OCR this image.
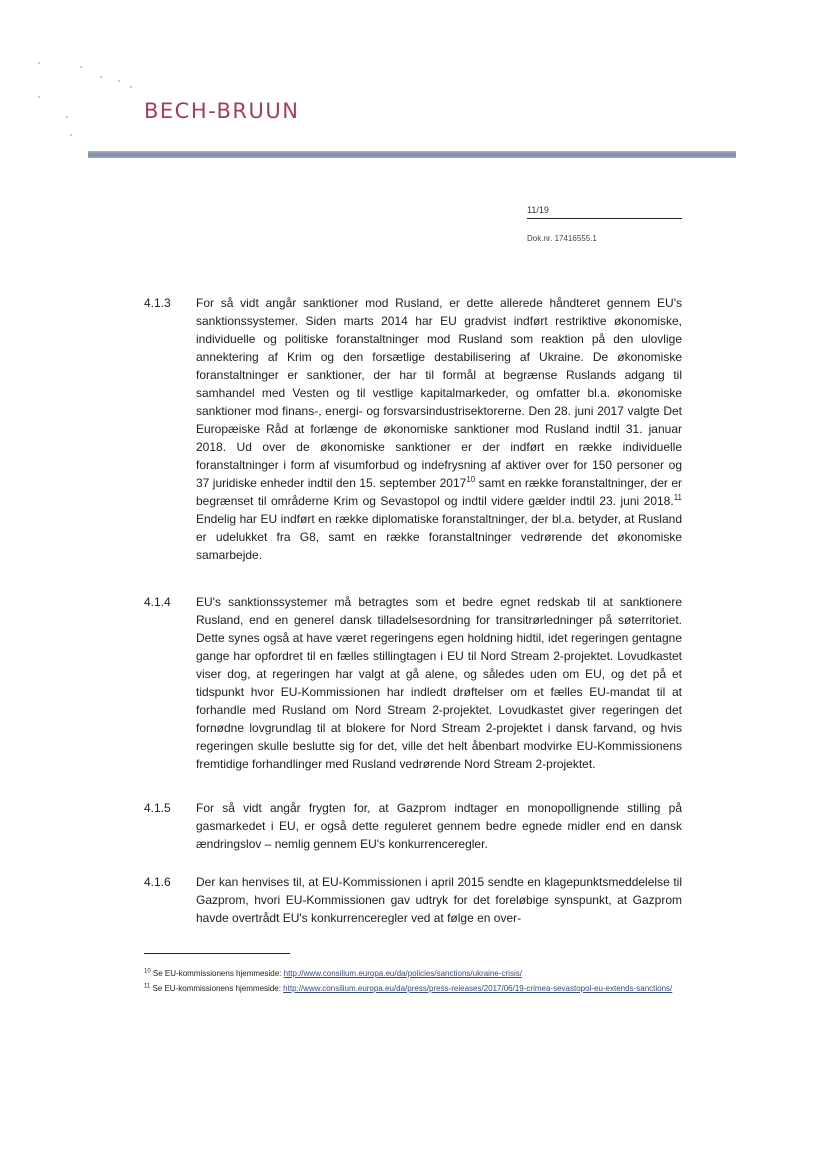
BECH-BRUUN
11/19
Dok.nr. 17416555.1
4.1.3 For så vidt angår sanktioner mod Rusland, er dette allerede håndteret gennem EU's sanktionssystemer. Siden marts 2014 har EU gradvist indført restriktive økonomiske, individuelle og politiske foranstaltninger mod Rusland som reaktion på den ulovlige annektering af Krim og den forsætlige destabilisering af Ukraine. De økonomiske foranstaltninger er sanktioner, der har til formål at begrænse Ruslands adgang til samhandel med Vesten og til vestlige kapitalmarkeder, og omfatter bl.a. økonomiske sanktioner mod finans-, energi- og forsvarsindustrisektorerne. Den 28. juni 2017 valgte Det Europæiske Råd at forlænge de økonomiske sanktioner mod Rusland indtil 31. januar 2018. Ud over de økonomiske sanktioner er der indført en række individuelle foranstaltninger i form af visumforbud og indefrysning af aktiver over for 150 personer og 37 juridiske enheder indtil den 15. september 2017$^{10}$ samt en række foranstaltninger, der er begrænset til områderne Krim og Sevastopol og indtil videre gælder indtil 23. juni 2018.11 Endelig har EU indført en række diplomatiske foranstaltninger, der bl.a. betyder, at Rusland er udelukket fra G8, samt en række foranstaltninger vedrørende det økonomiske samarbejde.
4.1.4 EU's sanktionssystemer må betragtes som et bedre egnet redskab til at sanktionere Rusland, end en generel dansk tilladelsesordning for transitrørledninger på søterritoriet. Dette synes også at have været regeringens egen holdning hidtil, idet regeringen gentagne gange har opfordret til en fælles stillingtagen i EU til Nord Stream 2-projektet. Lovudkastet viser dog, at regeringen har valgt at gå alene, og således uden om EU, og det på et tidspunkt hvor EU-Kommissionen har indledt drøftelser om et fælles EU-mandat til at forhandle med Rusland om Nord Stream 2-projektet. Lovudkastet giver regeringen det fornødne lovgrundlag til at blokere for Nord Stream 2-projektet i dansk farvand, og hvis regeringen skulle beslutte sig for det, ville det helt åbenbart modvirke EU-Kommissionens fremtidige forhandlinger med Rusland vedrørende Nord Stream 2-projektet.
4.1.5 For så vidt angår frygten for, at Gazprom indtager en monopollignende stilling på gasmarkedet i EU, er også dette reguleret gennem bedre egnede midler end en dansk ændringslov – nemlig gennem EU's konkurrenceregler.
4.1.6 Der kan henvises til, at EU-Kommissionen i april 2015 sendte en klagepunktsmeddelelse til Gazprom, hvori EU-Kommissionen gav udtryk for det foreløbige synspunkt, at Gazprom havde overtrådt EU's konkurrenceregler ved at følge en over-
$^{10}$ Se EU-kommissionens hjemmeside: http://www.consilium.europa.eu/da/policies/sanctions/ukraine-crisis/
$^{11}$ Se EU-kommissionens hjemmeside: http://www.consilium.europa.eu/da/press/press-releases/2017/06/19-crimea-sevastopol-eu-extends-sanctions/
